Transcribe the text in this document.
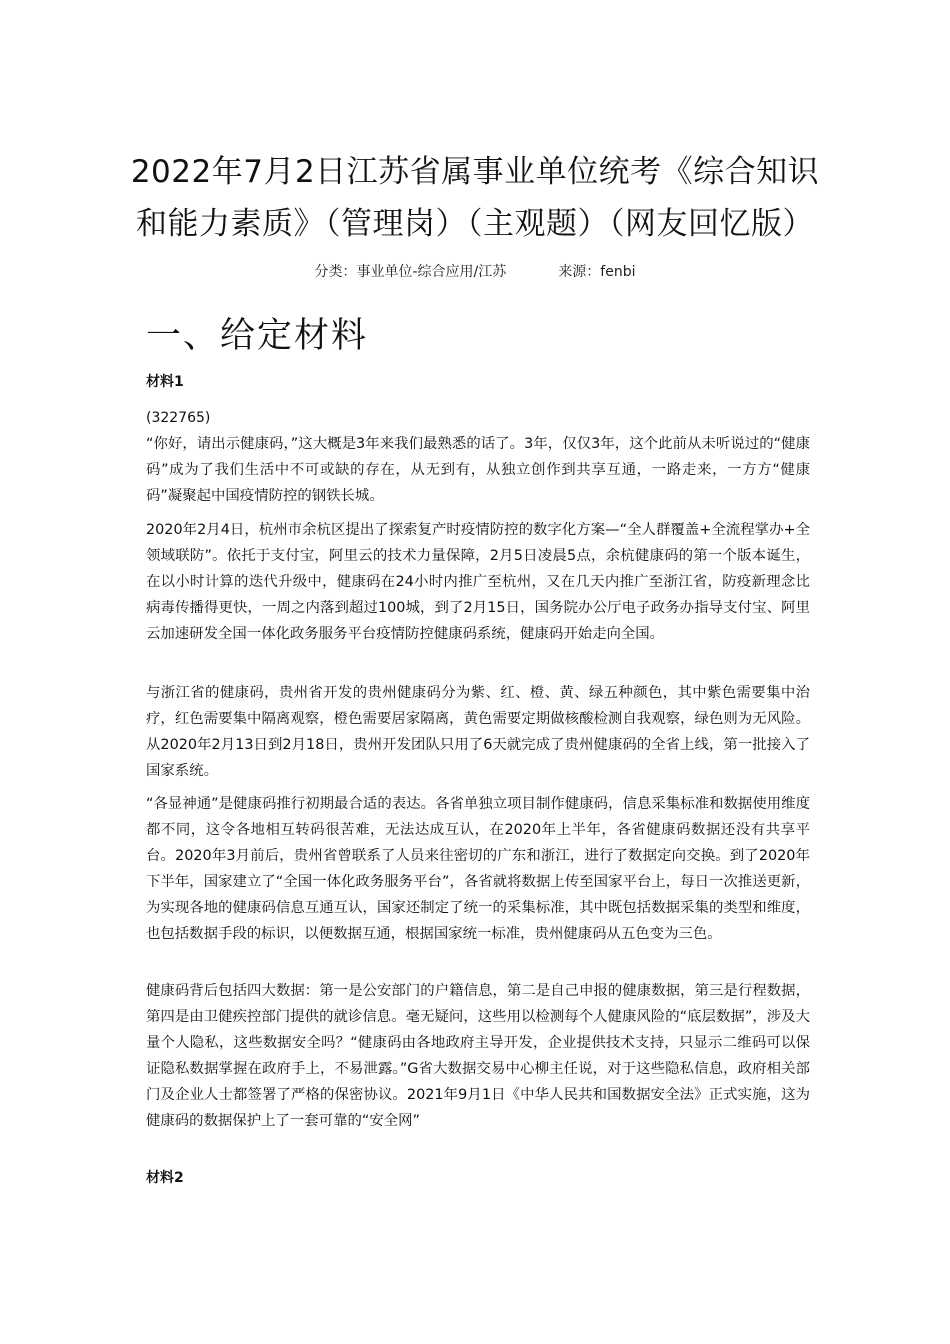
2022年7月2日江苏省属事业单位统考《综合知识
和能力素质》（管理岗）（主观题）（网友回忆版）
分类：事业单位-综合应用/江苏	来源：fenbi
一、给定材料

材料1

(322765)

“你好，请出示健康码，”这大概是3年来我们最熟悉的话了。3年，仅仅3年，这个此前从未听说过的“健康码”成为了我们生活中不可或缺的存在，从无到有，从独立创作到共享互通，一路走来，一方方“健康码”凝聚起中国疫情防控的钢铁长城。

2020年2月4日，杭州市余杭区提出了探索复产时疫情防控的数字化方案—“全人群覆盖+全流程掌办+全领域联防”。依托于支付宝，阿里云的技术力量保障，2月5日凌晨5点，余杭健康码的第一个版本诞生，在以小时计算的迭代升级中，健康码在24小时内推广至杭州，又在几天内推广至浙江省，防疫新理念比病毒传播得更快，一周之内落到超过100城，到了2月15日，国务院办公厅电子政务办指导支付宝、阿里云加速研发全国一体化政务服务平台疫情防控健康码系统，健康码开始走向全国。

与浙江省的健康码，贵州省开发的贵州健康码分为紫、红、橙、黄、绿五种颜色，其中紫色需要集中治疗，红色需要集中隔离观察，橙色需要居家隔离，黄色需要定期做核酸检测自我观察，绿色则为无风险。从2020年2月13日到2月18日，贵州开发团队只用了6天就完成了贵州健康码的全省上线，第一批接入了国家系统。

“各显神通”是健康码推行初期最合适的表达。各省单独立项目制作健康码，信息采集标准和数据使用维度都不同，这令各地相互转码很苦难，无法达成互认，在2020年上半年，各省健康码数据还没有共享平台。2020年3月前后，贵州省曾联系了人员来往密切的广东和浙江，进行了数据定向交换。到了2020年下半年，国家建立了“全国一体化政务服务平台”，各省就将数据上传至国家平台上，每日一次推送更新，为实现各地的健康码信息互通互认，国家还制定了统一的采集标准，其中既包括数据采集的类型和维度，也包括数据手段的标识，以便数据互通，根据国家统一标准，贵州健康码从五色变为三色。

健康码背后包括四大数据：第一是公安部门的户籍信息，第二是自己申报的健康数据，第三是行程数据，第四是由卫健疾控部门提供的就诊信息。毫无疑问，这些用以检测每个人健康风险的“底层数据”，涉及大量个人隐私，这些数据安全吗？“健康码由各地政府主导开发，企业提供技术支持，只显示二维码可以保证隐私数据掌握在政府手上，不易泄露。”G省大数据交易中心柳主任说，对于这些隐私信息，政府相关部门及企业人士都签署了严格的保密协议。2021年9月1日《中华人民共和国数据安全法》正式实施，这为健康码的数据保护上了一套可靠的“安全网”

材料2
